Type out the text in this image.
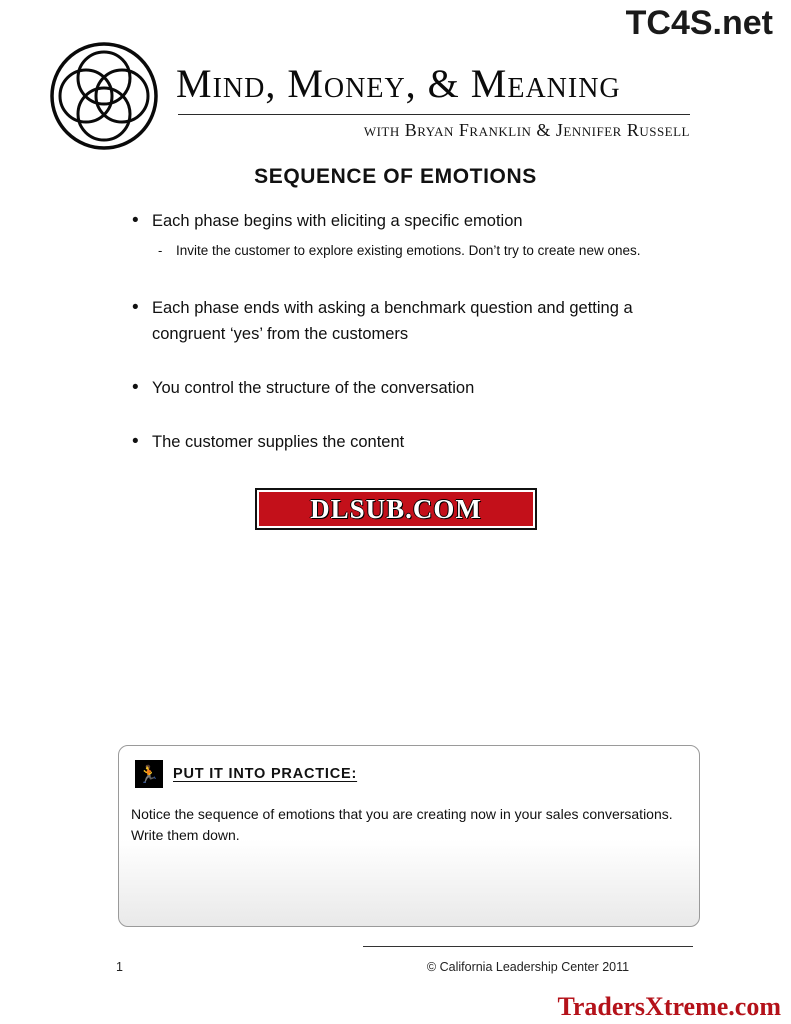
TC4S.net
Mind, Money, & Meaning
with Bryan Franklin & Jennifer Russell
SEQUENCE OF EMOTIONS
• Each phase begins with eliciting a specific emotion
-	Invite the customer to explore existing emotions. Don’t try to create new ones.
• Each phase ends with asking a benchmark question and getting a congruent ‘yes’ from the customers
• You control the structure of the conversation
• The customer supplies the content
DLSUB.COM
🏃 PUT IT INTO PRACTICE:
Notice the sequence of emotions that you are creating now in your sales conversations. Write them down.
1	© California Leadership Center 2011
TradersXtreme.com
